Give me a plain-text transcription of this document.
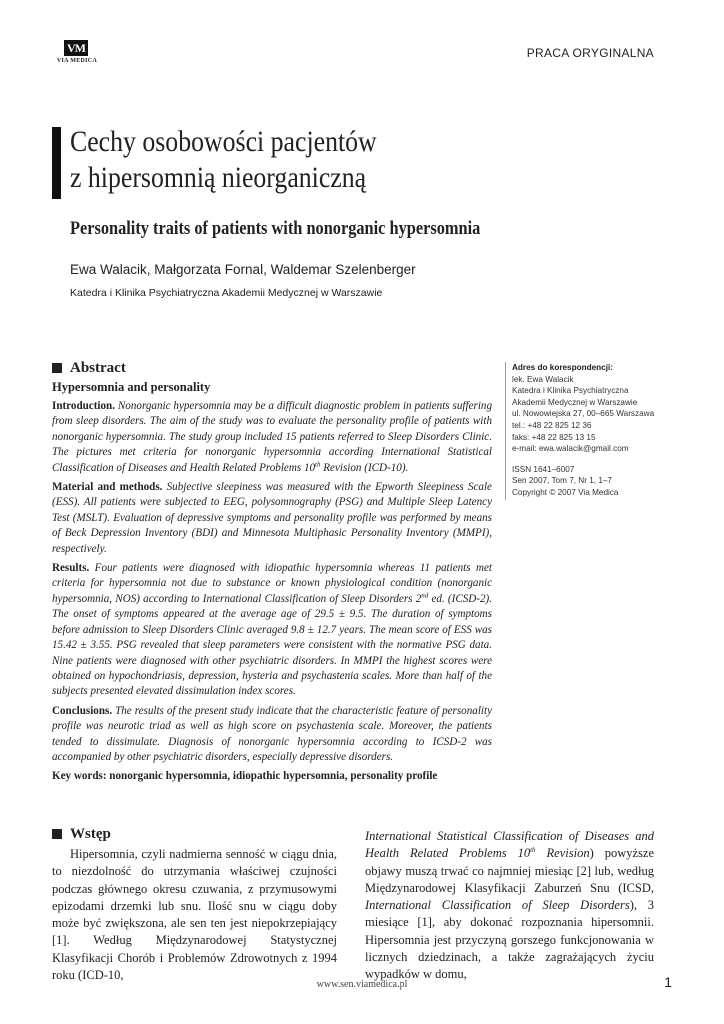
VM
VIA MEDICA
PRACA ORYGINALNA
Cechy osobowości pacjentów
z hipersomnią nieorganiczną
Personality traits of patients with nonorganic hypersomnia
Ewa Walacik, Małgorzata Fornal, Waldemar Szelenberger
Katedra i Klinika Psychiatryczna Akademii Medycznej w Warszawie
Abstract
Hypersomnia and personality

Introduction. Nonorganic hypersomnia may be a difficult diagnostic problem in patients suffering from sleep disorders. The aim of the study was to evaluate the personality profile of patients with nonorganic hypersomnia. The study group included 15 patients referred to Sleep Disorders Clinic. The pictures met criteria for nonorganic hypersomnia according International Statistical Classification of Diseases and Health Related Problems 10th Revision (ICD-10).

Material and methods. Subjective sleepiness was measured with the Epworth Sleepiness Scale (ESS). All patients were subjected to EEG, polysomnography (PSG) and Multiple Sleep Latency Test (MSLT). Evaluation of depressive symptoms and personality profile was performed by means of Beck Depression Inventory (BDI) and Minnesota Multiphasic Personality Inventory (MMPI), respectively.

Results. Four patients were diagnosed with idiopathic hypersomnia whereas 11 patients met criteria for hypersomnia not due to substance or known physiological condition (nonorganic hypersomnia, NOS) according to International Classification of Sleep Disorders 2nd ed. (ICSD-2). The onset of symptoms appeared at the average age of 29.5 ± 9.5. The duration of symptoms before admission to Sleep Disorders Clinic averaged 9.8 ± 12.7 years. The mean score of ESS was 15.42 ± 3.55. PSG revealed that sleep parameters were consistent with the normative PSG data. Nine patients were diagnosed with other psychiatric disorders. In MMPI the highest scores were obtained on hypochondriasis, depression, hysteria and psychastenia scales. More than half of the subjects presented elevated dissimulation index scores.

Conclusions. The results of the present study indicate that the characteristic feature of personality profile was neurotic triad as well as high score on psychastenia scale. Moreover, the patients tended to dissimulate. Diagnosis of nonorganic hypersomnia according to ICSD-2 was accompanied by other psychiatric disorders, especially depressive disorders.

Key words: nonorganic hypersomnia, idiopathic hypersomnia, personality profile
Adres do korespondencji:
lek. Ewa Walacik
Katedra i Klinika Psychiatryczna
Akademii Medycznej w Warszawie
ul. Nowowiejska 27, 00–665 Warszawa
tel.: +48 22 825 12 36
faks: +48 22 825 13 15
e-mail: ewa.walacik@gmail.com
ISSN 1641–6007
Sen 2007, Tom 7, Nr 1, 1–7
Copyright © 2007 Via Medica
Wstęp

Hipersomnia, czyli nadmierna senność w ciągu dnia, to niezdolność do utrzymania właściwej czujności podczas głównego okresu czuwania, z przymusowymi epizodami drzemki lub snu. Ilość snu w ciągu doby może być zwiększona, ale sen ten jest niepokrzepiający [1]. Według Międzynarodowej Statystycznej Klasyfikacji Chorób i Problemów Zdrowotnych z 1994 roku (ICD-10,

International Statistical Classification of Diseases and Health Related Problems 10th Revision) powyższe objawy muszą trwać co najmniej miesiąc [2] lub, według Międzynarodowej Klasyfikacji Zaburzeń Snu (ICSD, International Classification of Sleep Disorders), 3 miesiące [1], aby dokonać rozpoznania hipersomnii. Hipersomnia jest przyczyną gorszego funkcjonowania w licznych dziedzinach, a także zagrażających życiu wypadków w domu,

www.sen.viamedica.pl	1
